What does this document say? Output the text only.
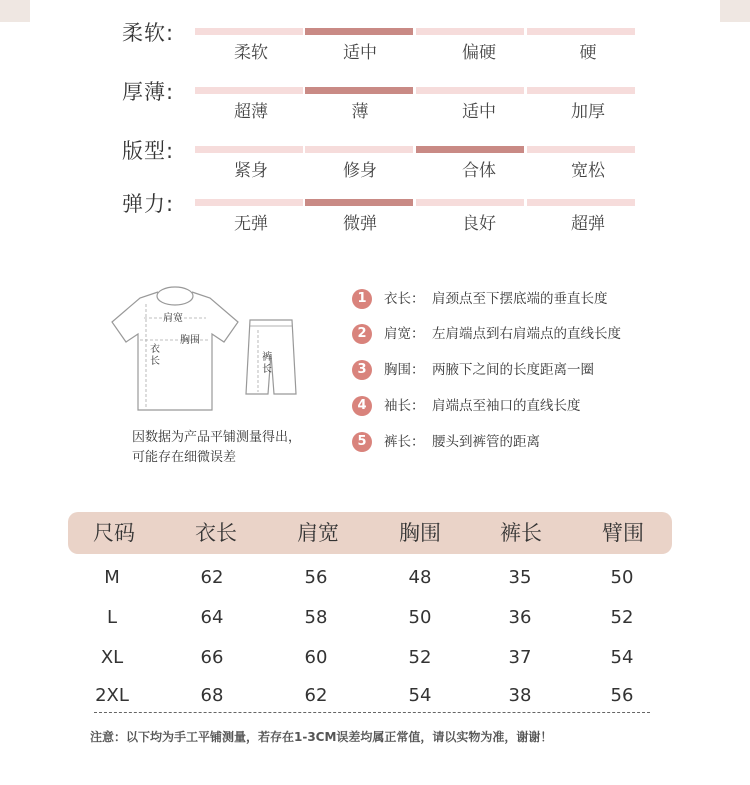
柔软:
柔软	适中	偏硬	硬
厚薄:
超薄	薄	适中	加厚
版型:
紧身	修身	合体	宽松
弹力:
无弹	微弹	良好	超弹
肩宽
胸围
衣长	裤长
因数据为产品平铺测量得出，
可能存在细微误差
1	衣长： 肩颈点至下摆底端的垂直长度
2	肩宽： 左肩端点到右肩端点的直线长度
3	胸围： 两腋下之间的长度距离一圈
4	袖长： 肩端点至袖口的直线长度
5	裤长： 腰头到裤管的距离
尺码	衣长	肩宽	胸围	裤长	臂围
M	62	56	48	35	50
L	64	58	50	36	52
XL	66	60	52	37	54
2XL	68	62	54	38	56
注意：以下均为手工平铺测量，若存在1-3CM误差均属正常值，请以实物为准，谢谢！
